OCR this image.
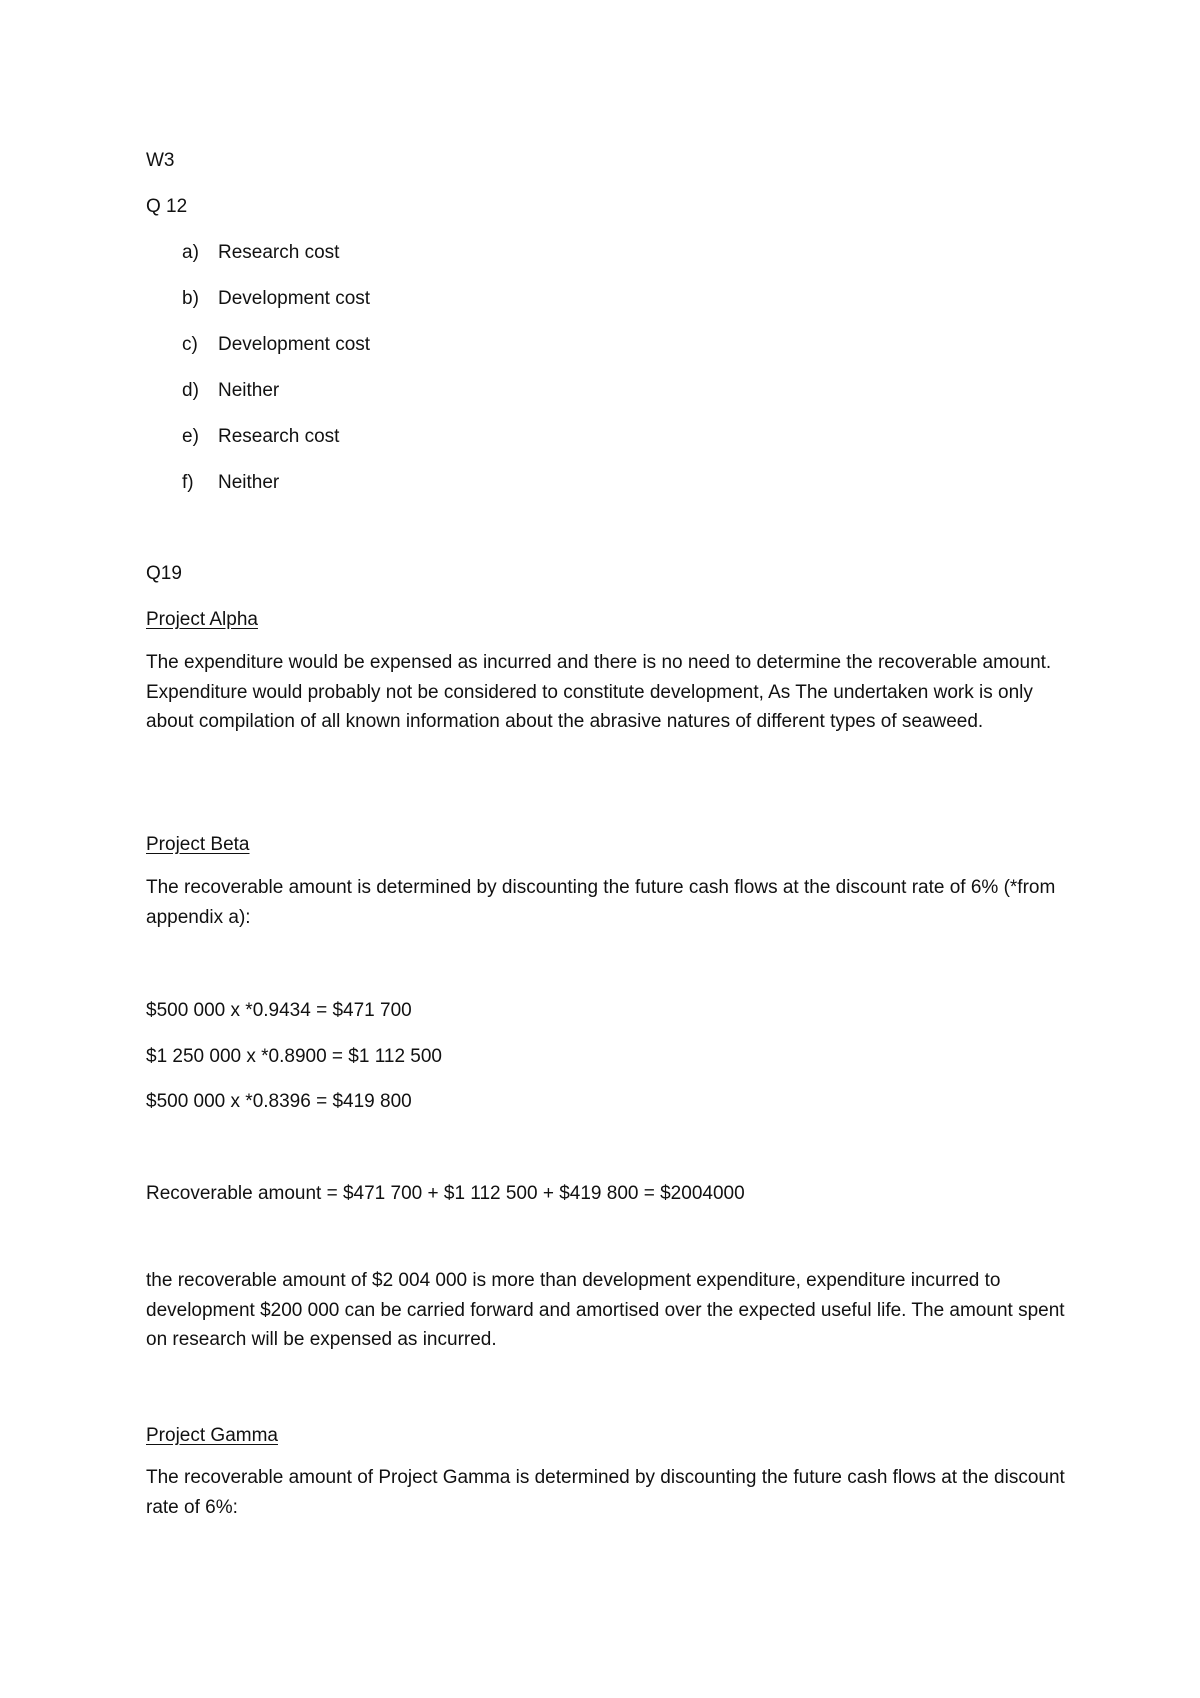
W3
Q 12
a) Research cost
b) Development cost
c) Development cost
d) Neither
e) Research cost
f) Neither
Q19
Project Alpha
The expenditure would be expensed as incurred and there is no need to determine the recoverable amount. Expenditure would probably not be considered to constitute development, As The undertaken work is only about compilation of all known information about the abrasive natures of different types of seaweed.
Project Beta
The recoverable amount is determined by discounting the future cash flows at the discount rate of 6% (*from appendix a):
$500 000 x *0.9434 = $471 700
$1 250 000 x *0.8900 = $1 112 500
$500 000 x *0.8396 = $419 800
Recoverable amount = $471 700 + $1 112 500 + $419 800 = $2004000
the recoverable amount of $2 004 000 is more than development expenditure, expenditure incurred to development $200 000 can be carried forward and amortised over the expected useful life. The amount spent on research will be expensed as incurred.
Project Gamma
The recoverable amount of Project Gamma is determined by discounting the future cash flows at the discount rate of 6%:
